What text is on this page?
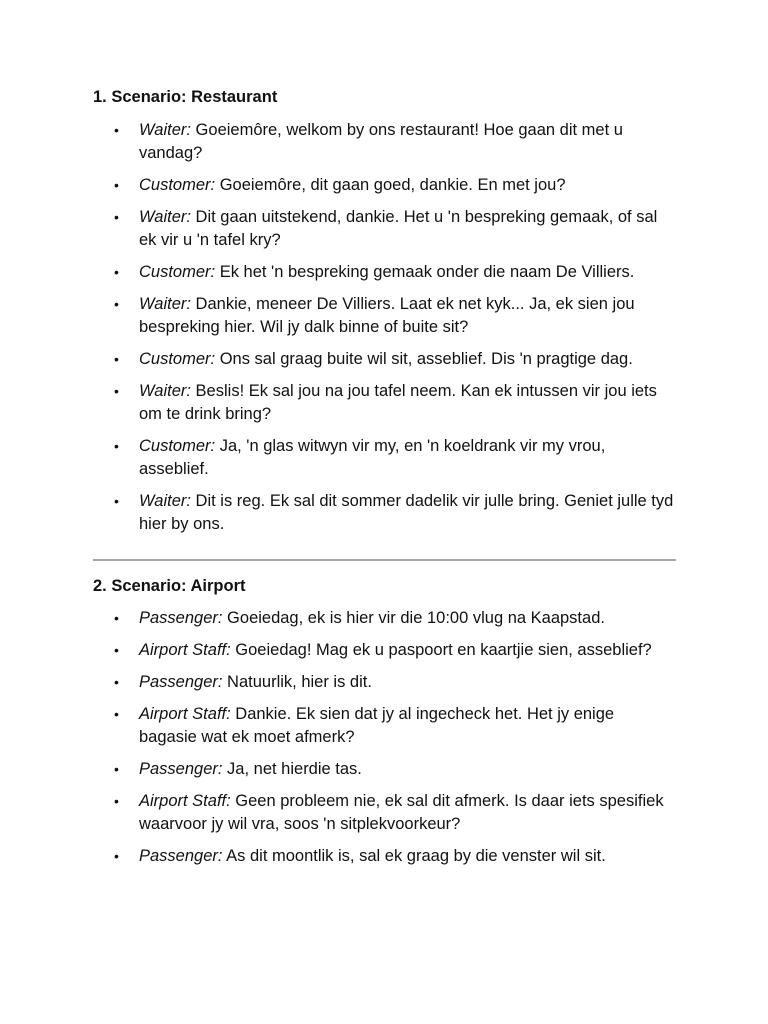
1. Scenario: Restaurant
• Waiter: Goeiemôre, welkom by ons restaurant! Hoe gaan dit met u vandag?
• Customer: Goeiemôre, dit gaan goed, dankie. En met jou?
• Waiter: Dit gaan uitstekend, dankie. Het u 'n bespreking gemaak, of sal ek vir u 'n tafel kry?
• Customer: Ek het 'n bespreking gemaak onder die naam De Villiers.
• Waiter: Dankie, meneer De Villiers. Laat ek net kyk... Ja, ek sien jou bespreking hier. Wil jy dalk binne of buite sit?
• Customer: Ons sal graag buite wil sit, asseblief. Dis 'n pragtige dag.
• Waiter: Beslis! Ek sal jou na jou tafel neem. Kan ek intussen vir jou iets om te drink bring?
• Customer: Ja, 'n glas witwyn vir my, en 'n koeldrank vir my vrou, asseblief.
• Waiter: Dit is reg. Ek sal dit sommer dadelik vir julle bring. Geniet julle tyd hier by ons.
2. Scenario: Airport
• Passenger: Goeiedag, ek is hier vir die 10:00 vlug na Kaapstad.
• Airport Staff: Goeiedag! Mag ek u paspoort en kaartjie sien, asseblief?
• Passenger: Natuurlik, hier is dit.
• Airport Staff: Dankie. Ek sien dat jy al ingecheck het. Het jy enige bagasie wat ek moet afmerk?
• Passenger: Ja, net hierdie tas.
• Airport Staff: Geen probleem nie, ek sal dit afmerk. Is daar iets spesifiek waarvoor jy wil vra, soos 'n sitplekvoorkeur?
• Passenger: As dit moontlik is, sal ek graag by die venster wil sit.
